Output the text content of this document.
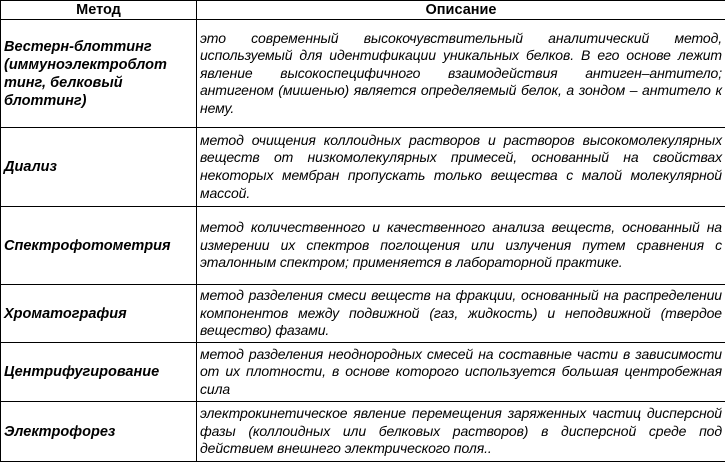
Метод	Описание
Вестерн-блоттинг (иммуноэлектроблот тинг, белковый блоттинг)	это современный высокочувствительный аналитический метод, используемый для идентификации уникальных белков. В его основе лежит явление высокоспецифичного взаимодействия антиген–антитело; антигеном (мишенью) является определяемый белок, а зондом – антитело к нему.
Диализ	метод очищения коллоидных растворов и растворов высокомолекулярных веществ от низкомолекулярных примесей, основанный на свойствах некоторых мембран пропускать только вещества с малой молекулярной массой.
Спектрофотометрия	метод количественного и качественного анализа веществ, основанный на измерении их спектров поглощения или излучения путем сравнения с эталонным спектром; применяется в лабораторной практике.
Хроматография	метод разделения смеси веществ на фракции, основанный на распределении компонентов между подвижной (газ, жидкость) и неподвижной (твердое вещество) фазами.
Центрифугирование	метод разделения неоднородных смесей на составные части в зависимости от их плотности, в основе которого используется большая центробежная сила
Электрофорез	электрокинетическое явление перемещения заряженных частиц дисперсной фазы (коллоидных или белковых растворов) в дисперсной среде под действием внешнего электрического поля..
